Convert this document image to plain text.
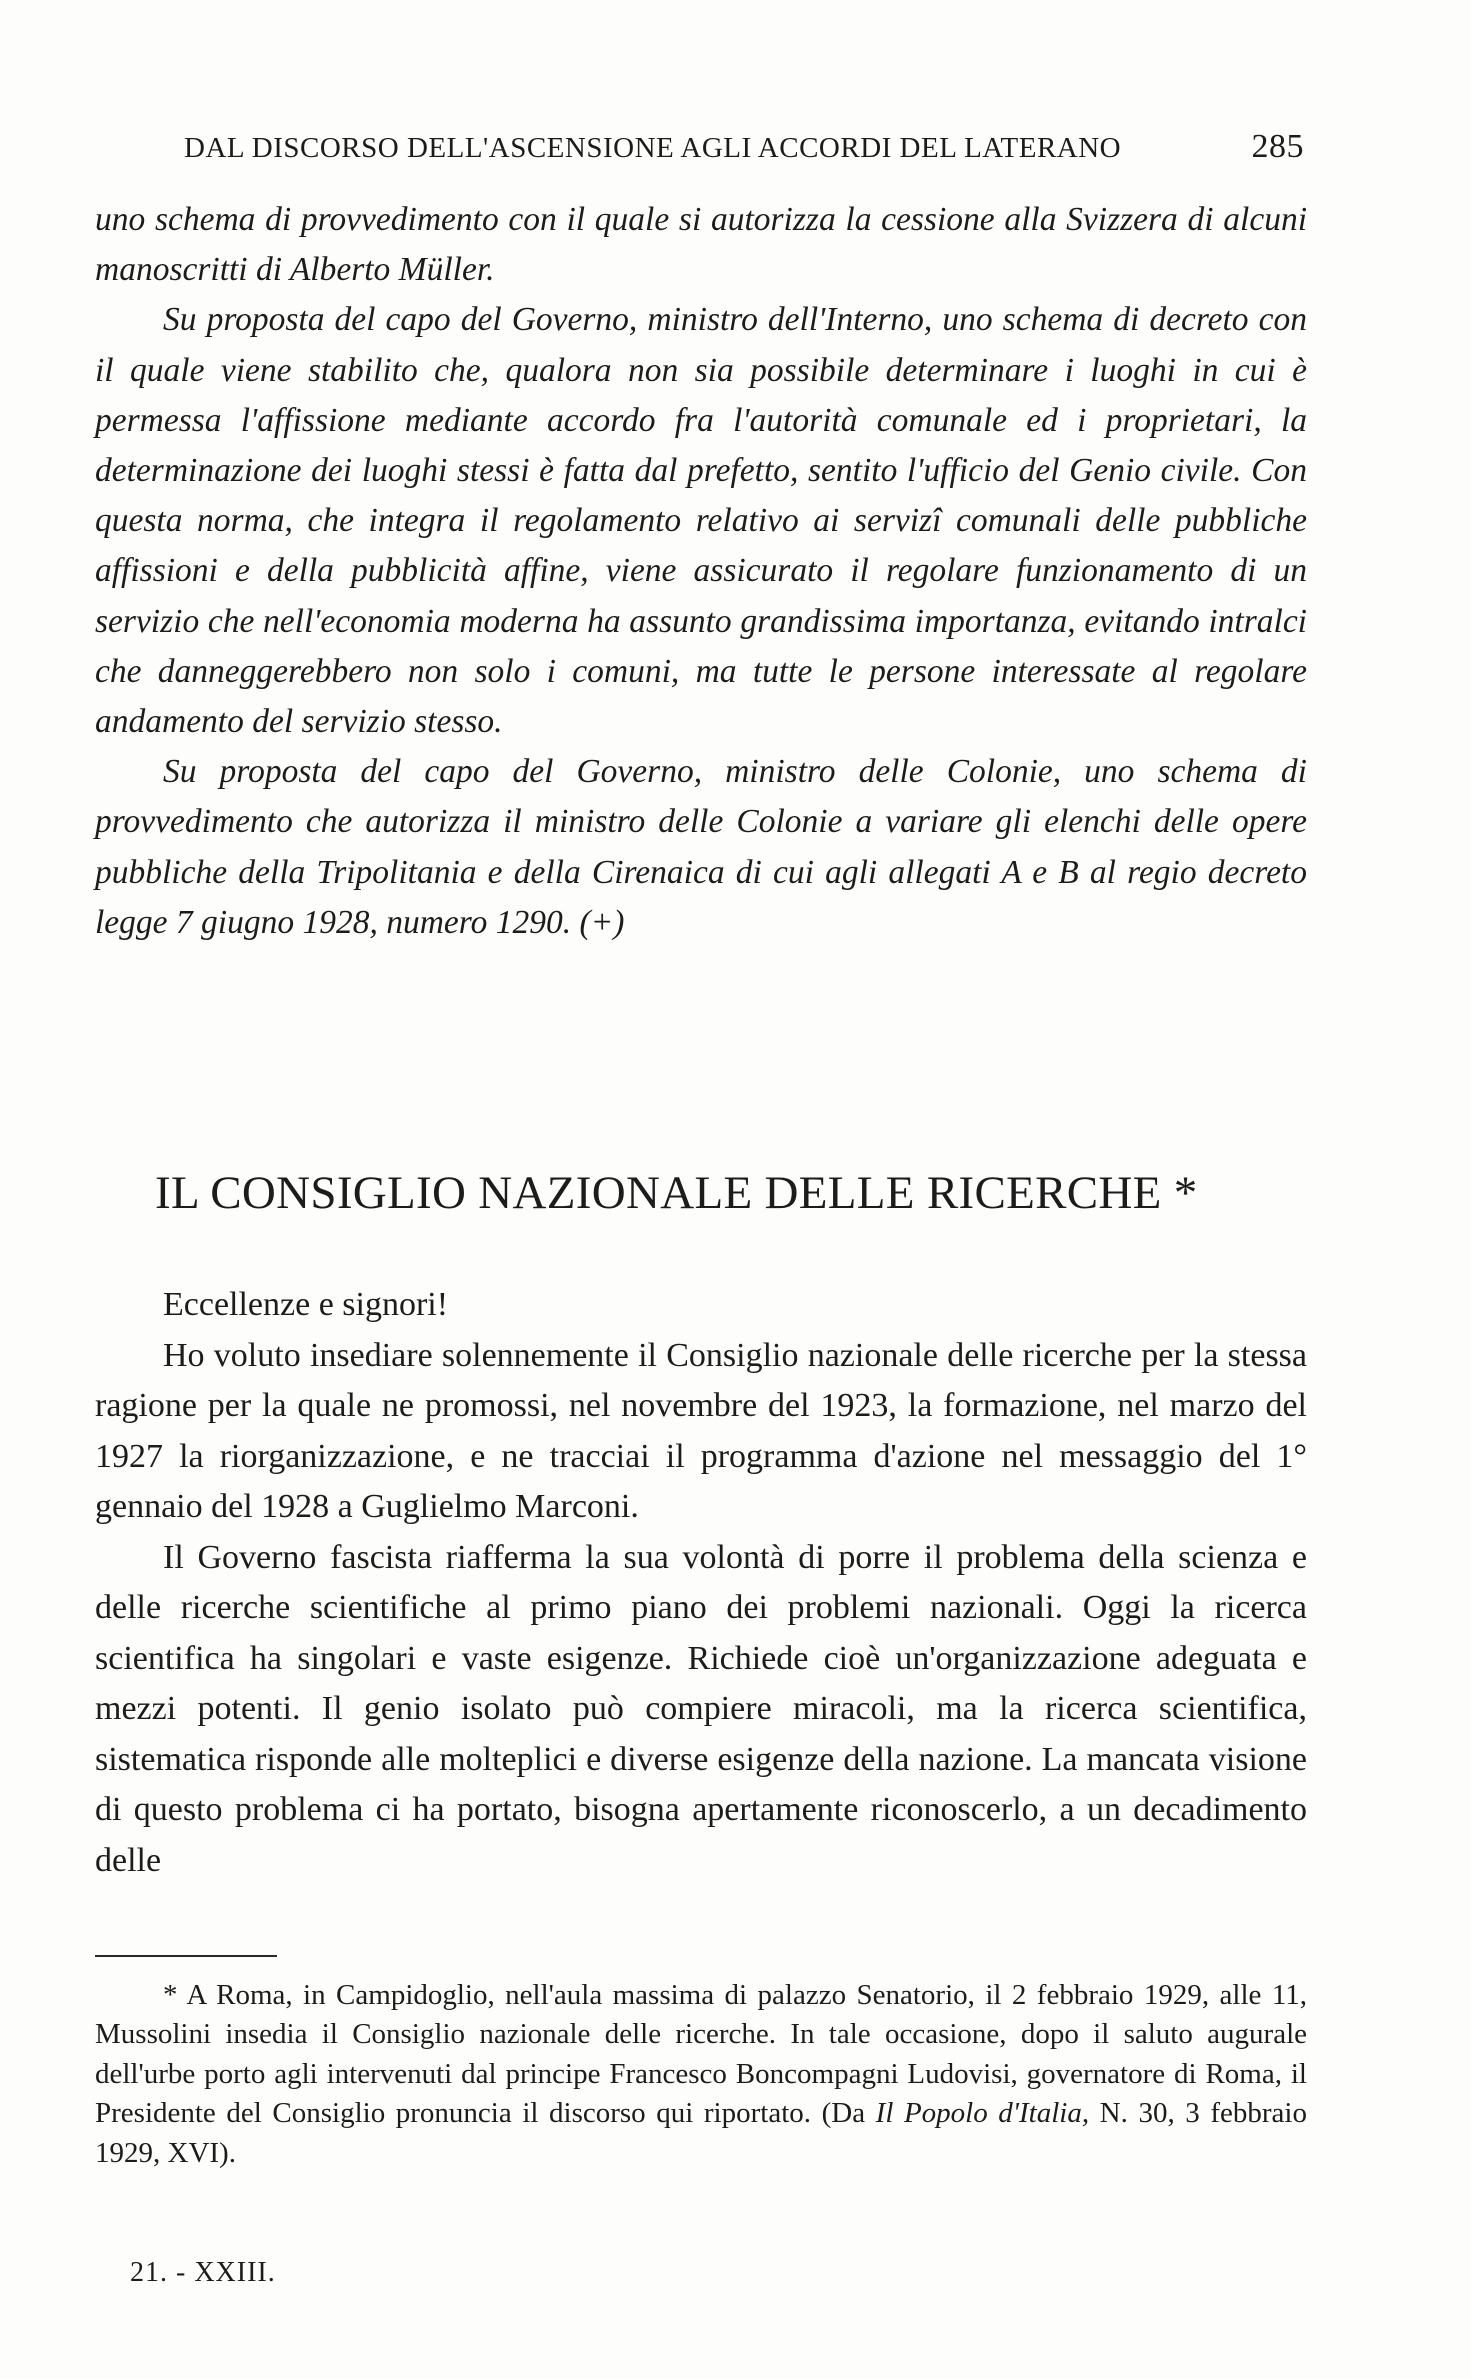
DAL DISCORSO DELL'ASCENSIONE AGLI ACCORDI DEL LATERANO	285

uno schema di provvedimento con il quale si autorizza la cessione alla Svizzera di alcuni manoscritti di Alberto Müller.

Su proposta del capo del Governo, ministro dell'Interno, uno schema di decreto con il quale viene stabilito che, qualora non sia possibile determinare i luoghi in cui è permessa l'affissione mediante accordo fra l'autorità comunale ed i proprietari, la determinazione dei luoghi stessi è fatta dal prefetto, sentito l'ufficio del Genio civile. Con questa norma, che integra il regolamento relativo ai servizî comunali delle pubbliche affissioni e della pubblicità affine, viene assicurato il regolare funzionamento di un servizio che nell'economia moderna ha assunto grandissima importanza, evitando intralci che danneggerebbero non solo i comuni, ma tutte le persone interessate al regolare andamento del servizio stesso.

Su proposta del capo del Governo, ministro delle Colonie, uno schema di provvedimento che autorizza il ministro delle Colonie a variare gli elenchi delle opere pubbliche della Tripolitania e della Cirenaica di cui agli allegati A e B al regio decreto legge 7 giugno 1928, numero 1290. (+)

IL CONSIGLIO NAZIONALE DELLE RICERCHE *

Eccellenze e signori!

Ho voluto insediare solennemente il Consiglio nazionale delle ricerche per la stessa ragione per la quale ne promossi, nel novembre del 1923, la formazione, nel marzo del 1927 la riorganizzazione, e ne tracciai il programma d'azione nel messaggio del 1° gennaio del 1928 a Guglielmo Marconi.

Il Governo fascista riafferma la sua volontà di porre il problema della scienza e delle ricerche scientifiche al primo piano dei problemi nazionali. Oggi la ricerca scientifica ha singolari e vaste esigenze. Richiede cioè un'organizzazione adeguata e mezzi potenti. Il genio isolato può compiere miracoli, ma la ricerca scientifica, sistematica risponde alle molteplici e diverse esigenze della nazione. La mancata visione di questo problema ci ha portato, bisogna apertamente riconoscerlo, a un decadimento delle

* A Roma, in Campidoglio, nell'aula massima di palazzo Senatorio, il 2 febbraio 1929, alle 11, Mussolini insedia il Consiglio nazionale delle ricerche. In tale occasione, dopo il saluto augurale dell'urbe porto agli intervenuti dal principe Francesco Boncompagni Ludovisi, governatore di Roma, il Presidente del Consiglio pronuncia il discorso qui riportato. (Da Il Popolo d'Italia, N. 30, 3 febbraio 1929, XVI).

21. - XXIII.
